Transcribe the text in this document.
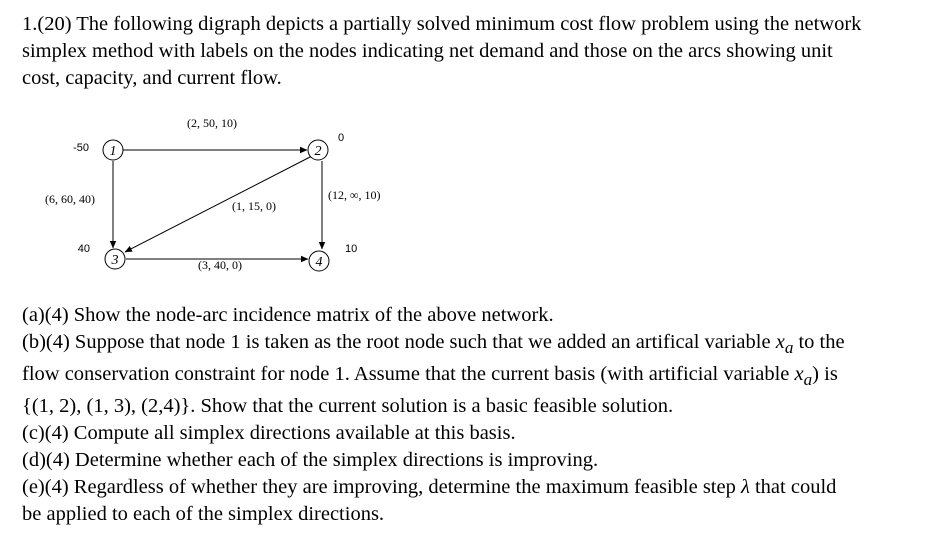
1.(20) The following digraph depicts a partially solved minimum cost flow problem using the network
simplex method with labels on the nodes indicating net demand and those on the arcs showing unit
cost, capacity, and current flow.
1	2
3	4
-50
0
40	10
(2, 50, 10)
(6, 60, 40)	(12, ∞, 10)
(1, 15, 0)
(3, 40, 0)
(a)(4) Show the node-arc incidence matrix of the above network.
(b)(4) Suppose that node 1 is taken as the root node such that we added an artifical variable $x_a$ to the
flow conservation constraint for node 1. Assume that the current basis (with artificial variable $x_a$) is
{(1, 2), (1, 3), (2,4)}. Show that the current solution is a basic feasible solution.
(c)(4) Compute all simplex directions available at this basis.
(d)(4) Determine whether each of the simplex directions is improving.
(e)(4) Regardless of whether they are improving, determine the maximum feasible step λ that could
be applied to each of the simplex directions.
